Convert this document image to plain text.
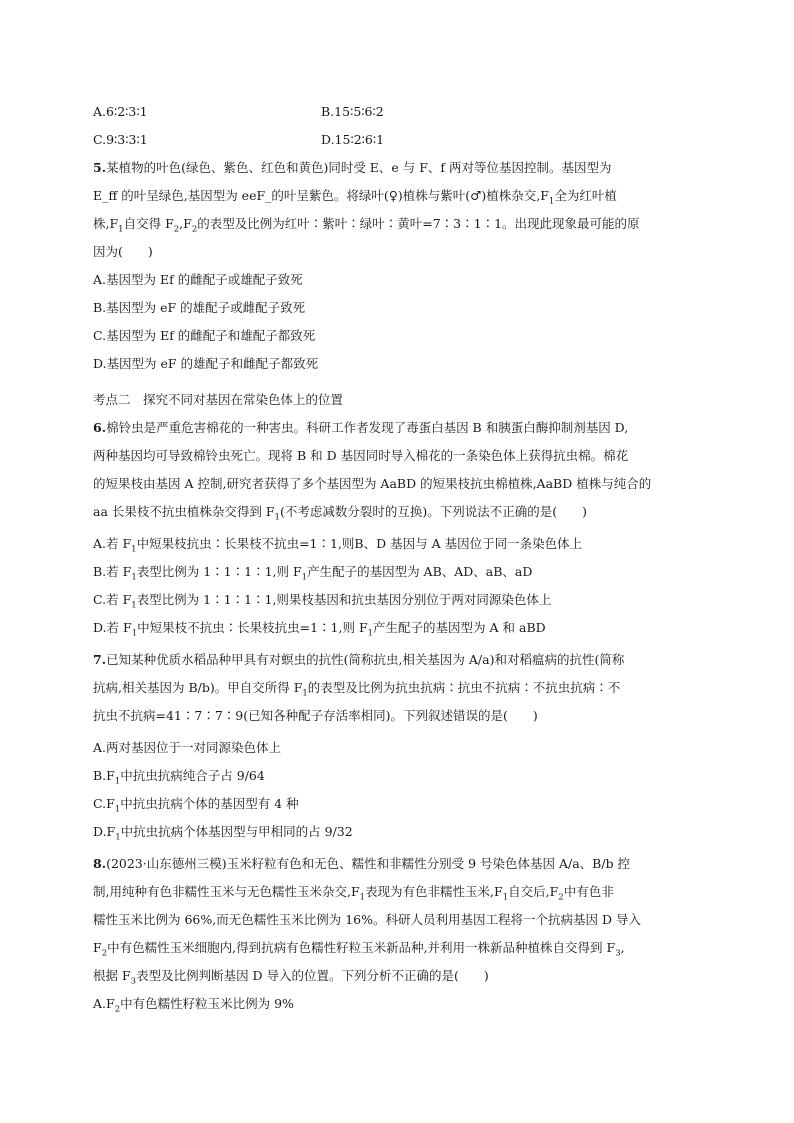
A.6∶2∶3∶1	B.15∶5∶6∶2
C.9∶3∶3∶1	D.15∶2∶6∶1
5.某植物的叶色(绿色、紫色、红色和黄色)同时受 E、e 与 F、f 两对等位基因控制。基因型为
E_ff 的叶呈绿色,基因型为 eeF_的叶呈紫色。将绿叶(♀)植株与紫叶(♂)植株杂交$,F_1$全为红叶植
株$,F_1$自交得 $F_2,F_2$的表型及比例为红叶∶紫叶∶绿叶∶黄叶=7∶3∶1∶1。出现此现象最可能的原
因为(　　)
A.基因型为 Ef 的雌配子或雄配子致死
B.基因型为 eF 的雄配子或雌配子致死
C.基因型为 Ef 的雌配子和雄配子都致死
D.基因型为 eF 的雄配子和雌配子都致死
考点二　探究不同对基因在常染色体上的位置
6.棉铃虫是严重危害棉花的一种害虫。科研工作者发现了毒蛋白基因 B 和胰蛋白酶抑制剂基因 D,
两种基因均可导致棉铃虫死亡。现将 B 和 D 基因同时导入棉花的一条染色体上获得抗虫棉。棉花
的短果枝由基因 A 控制,研究者获得了多个基因型为 AaBD 的短果枝抗虫棉植株,AaBD 植株与纯合的
aa 长果枝不抗虫植株杂交得到 $F_1$(不考虑减数分裂时的互换)。下列说法不正确的是(　　)
A.若 $F_1$中短果枝抗虫∶长果枝不抗虫=1∶1,则B、D 基因与 A 基因位于同一条染色体上
B.若 $F_1$表型比例为 1∶1∶1∶1,则 $F_1$产生配子的基因型为 AB、AD、aB、aD
C.若 $F_1$表型比例为 1∶1∶1∶1,则果枝基因和抗虫基因分别位于两对同源染色体上
D.若 $F_1$中短果枝不抗虫∶长果枝抗虫=1∶1,则 $F_1$产生配子的基因型为 A 和 aBD
7.已知某种优质水稻品种甲具有对螟虫的抗性(简称抗虫,相关基因为 A/a)和对稻瘟病的抗性(简称
抗病,相关基因为 B/b)。甲自交所得 $F_1$的表型及比例为抗虫抗病∶抗虫不抗病∶不抗虫抗病∶不
抗虫不抗病=41∶7∶7∶9(已知各种配子存活率相同)。下列叙述错误的是(　　)
A.两对基因位于一对同源染色体上
$B.F_1$中抗虫抗病纯合子占 9/64
$C.F_1$中抗虫抗病个体的基因型有 4 种
$D.F_1$中抗虫抗病个体基因型与甲相同的占 9/32
8.(2023·山东德州三模)玉米籽粒有色和无色、糯性和非糯性分别受 9 号染色体基因 A/a、B/b 控
制,用纯种有色非糯性玉米与无色糯性玉米杂交$,F_1$表现为有色非糯性玉米$,F_1$自交后$,F_2$中有色非
糯性玉米比例为 66%,而无色糯性玉米比例为 16%。科研人员利用基因工程将一个抗病基因 D 导入
$F_2$中有色糯性玉米细胞内,得到抗病有色糯性籽粒玉米新品种,并利用一株新品种植株自交得到 $F_3$,
根据 $F_3$表型及比例判断基因 D 导入的位置。下列分析不正确的是(　　)
$A.F_2$中有色糯性籽粒玉米比例为 9%
